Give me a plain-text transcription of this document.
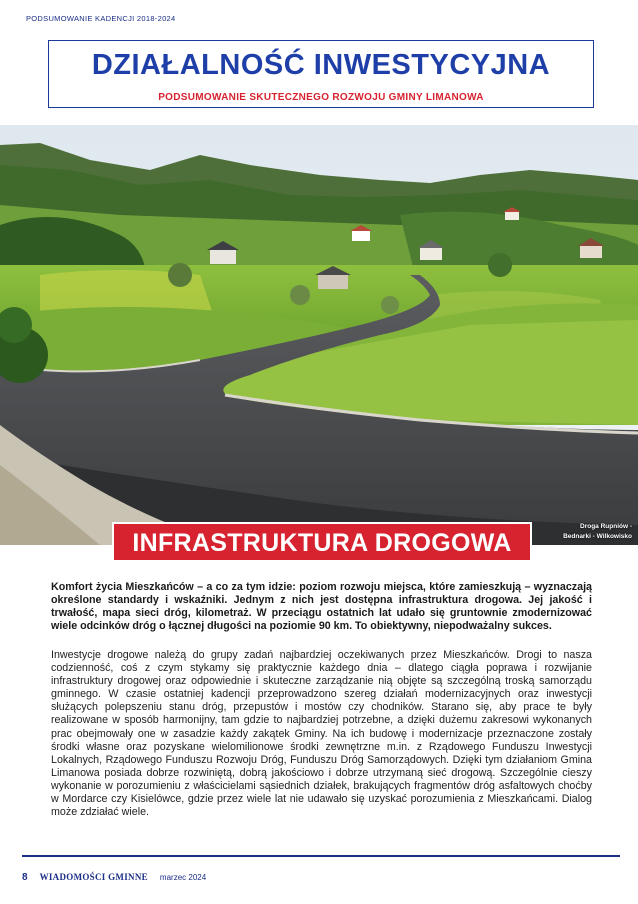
PODSUMOWANIE KADENCJI 2018-2024
DZIAŁALNOŚĆ INWESTYCYJNA
PODSUMOWANIE SKUTECZNEGO ROZWOJU GMINY LIMANOWA
Droga Rupniów -
Bednarki - Wilkowisko
INFRASTRUKTURA DROGOWA

Komfort życia Mieszkańców – a co za tym idzie: poziom rozwoju miejsca, które zamieszkują – wyznaczają określone standardy i wskaźniki. Jednym z nich jest dostępna infrastruktura drogowa. Jej jakość i trwałość, mapa sieci dróg, kilometraż. W przeciągu ostatnich lat udało się gruntownie zmodernizować wiele odcinków dróg o łącznej długości na poziomie 90 km. To obiektywny, niepodważalny sukces.

Inwestycje drogowe należą do grupy zadań najbardziej oczekiwanych przez Mieszkańców. Drogi to nasza codzienność, coś z czym stykamy się praktycznie każdego dnia – dlatego ciągła poprawa i rozwijanie infrastruktury drogowej oraz odpowiednie i skuteczne zarządzanie nią objęte są szczególną troską samorządu gminnego. W czasie ostatniej kadencji przeprowadzono szereg działań modernizacyjnych oraz inwestycji służących polepszeniu stanu dróg, przepustów i mostów czy chodników. Starano się, aby prace te były realizowane w sposób harmonijny, tam gdzie to najbardziej potrzebne, a dzięki dużemu zakresowi wykonanych prac obejmowały one w zasadzie każdy zakątek Gminy. Na ich budowę i modernizacje przeznaczone zostały środki własne oraz pozyskane wielomilionowe środki zewnętrzne m.in. z Rządowego Funduszu Inwestycji Lokalnych, Rządowego Funduszu Rozwoju Dróg, Funduszu Dróg Samorządowych. Dzięki tym działaniom Gmina Limanowa posiada dobrze rozwiniętą, dobrą jakościowo i dobrze utrzymaną sieć drogową. Szczególnie cieszy wykonanie w porozumieniu z właścicielami sąsiednich działek, brakujących fragmentów dróg asfaltowych choćby w Mordarce czy Kisielówce, gdzie przez wiele lat nie udawało się uzyskać porozumienia z Mieszkańcami. Dialog może zdziałać wiele.

8 WIADOMOŚCI GMINNE marzec 2024
